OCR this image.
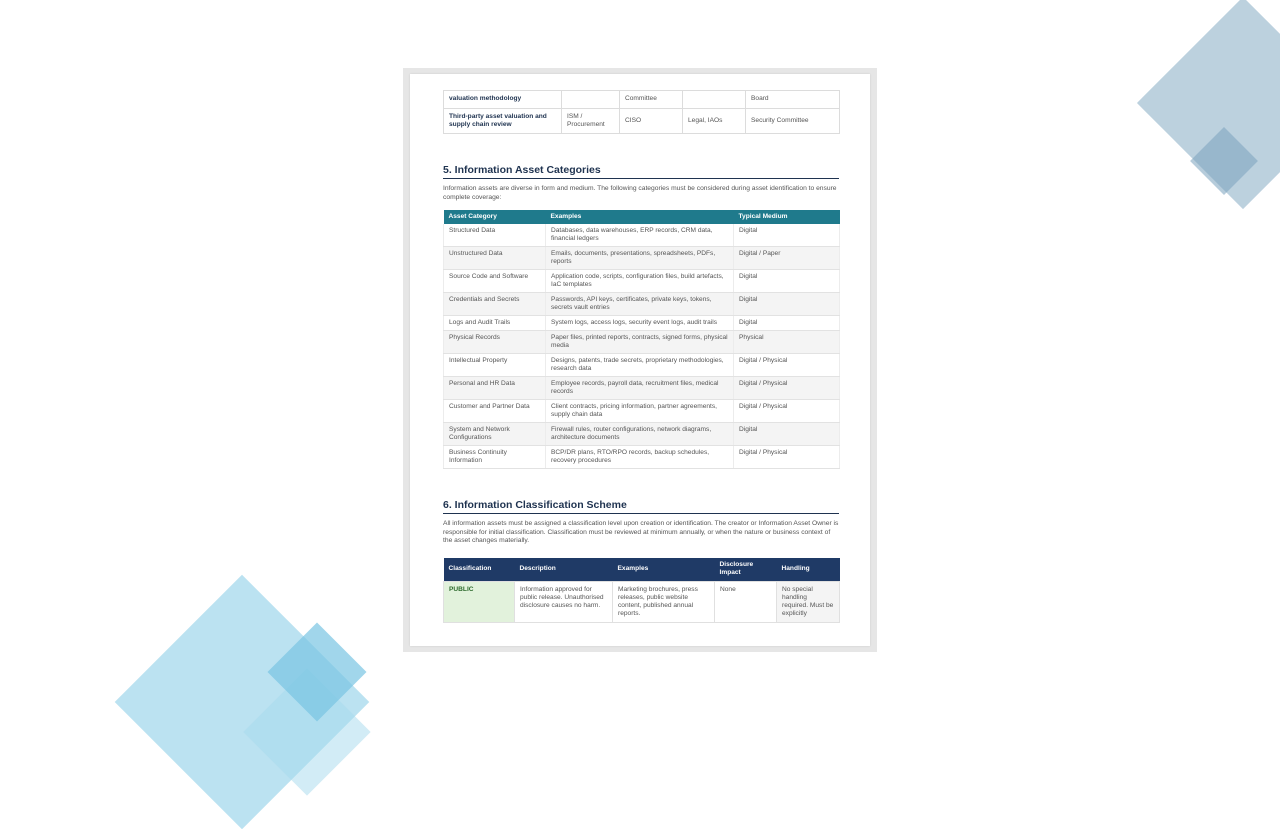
valuation methodology		Committee		Board
Third-party asset valuation and supply chain review	ISM / Procurement	CISO	Legal, IAOs	Security Committee
5. Information Asset Categories

Information assets are diverse in form and medium. The following categories must be considered during asset identification to ensure complete coverage:

Asset Category	Examples	Typical Medium
Structured Data	Databases, data warehouses, ERP records, CRM data, financial ledgers	Digital
Unstructured Data	Emails, documents, presentations, spreadsheets, PDFs, reports	Digital / Paper
Source Code and Software	Application code, scripts, configuration files, build artefacts, IaC templates	Digital
Credentials and Secrets	Passwords, API keys, certificates, private keys, tokens, secrets vault entries	Digital
Logs and Audit Trails	System logs, access logs, security event logs, audit trails	Digital
Physical Records	Paper files, printed reports, contracts, signed forms, physical media	Physical
Intellectual Property	Designs, patents, trade secrets, proprietary methodologies, research data	Digital / Physical
Personal and HR Data	Employee records, payroll data, recruitment files, medical records	Digital / Physical
Customer and Partner Data	Client contracts, pricing information, partner agreements, supply chain data	Digital / Physical
System and Network Configurations	Firewall rules, router configurations, network diagrams, architecture documents	Digital
Business Continuity Information	BCP/DR plans, RTO/RPO records, backup schedules, recovery procedures	Digital / Physical
6. Information Classification Scheme

All information assets must be assigned a classification level upon creation or identification. The creator or Information Asset Owner is responsible for initial classification. Classification must be reviewed at minimum annually, or when the nature or business context of the asset changes materially.

Classification	Description	Examples	Disclosure Impact	Handling
PUBLIC	Information approved for public release. Unauthorised disclosure causes no harm.	Marketing brochures, press releases, public website content, published annual reports.	None	No special handling required. Must be explicitly
